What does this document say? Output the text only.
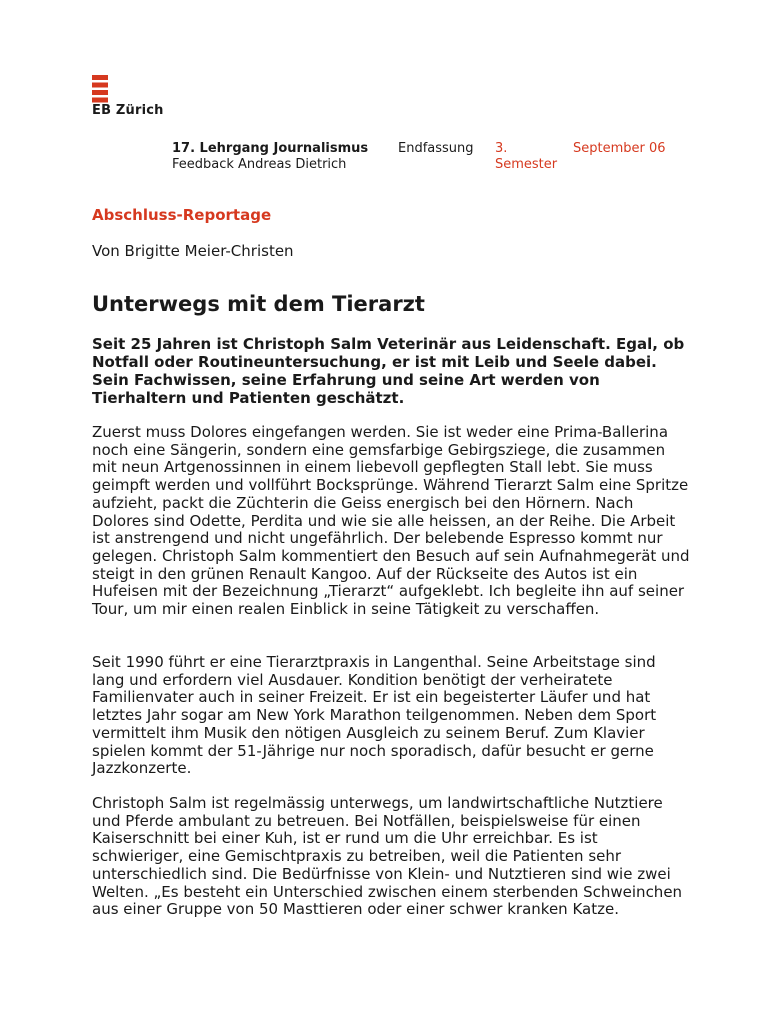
EB Zürich
17. Lehrgang Journalismus
Feedback Andreas Dietrich
Endfassung 3.
Semester
September 06
Abschluss-Reportage
Von Brigitte Meier-Christen
Unterwegs mit dem Tierarzt

Seit 25 Jahren ist Christoph Salm Veterinär aus Leidenschaft. Egal, ob Notfall oder Routineuntersuchung, er ist mit Leib und Seele dabei. Sein Fachwissen, seine Erfahrung und seine Art werden von Tierhaltern und Patienten geschätzt.

Zuerst muss Dolores eingefangen werden. Sie ist weder eine Prima-Ballerina noch eine Sängerin, sondern eine gemsfarbige Gebirgsziege, die zusammen mit neun Artgenossinnen in einem liebevoll gepflegten Stall lebt. Sie muss geimpft werden und vollführt Bocksprünge. Während Tierarzt Salm eine Spritze aufzieht, packt die Züchterin die Geiss energisch bei den Hörnern. Nach Dolores sind Odette, Perdita und wie sie alle heissen, an der Reihe. Die Arbeit ist anstrengend und nicht ungefährlich. Der belebende Espresso kommt nur gelegen. Christoph Salm kommentiert den Besuch auf sein Aufnahmegerät und steigt in den grünen Renault Kangoo. Auf der Rückseite des Autos ist ein Hufeisen mit der Bezeichnung „Tierarzt“ aufgeklebt. Ich begleite ihn auf seiner Tour, um mir einen realen Einblick in seine Tätigkeit zu verschaffen.

Seit 1990 führt er eine Tierarztpraxis in Langenthal. Seine Arbeitstage sind lang und erfordern viel Ausdauer. Kondition benötigt der verheiratete Familienvater auch in seiner Freizeit. Er ist ein begeisterter Läufer und hat letztes Jahr sogar am New York Marathon teilgenommen. Neben dem Sport vermittelt ihm Musik den nötigen Ausgleich zu seinem Beruf. Zum Klavier spielen kommt der 51-Jährige nur noch sporadisch, dafür besucht er gerne Jazzkonzerte.

Christoph Salm ist regelmässig unterwegs, um landwirtschaftliche Nutztiere und Pferde ambulant zu betreuen. Bei Notfällen, beispielsweise für einen Kaiserschnitt bei einer Kuh, ist er rund um die Uhr erreichbar. Es ist schwieriger, eine Gemischtpraxis zu betreiben, weil die Patienten sehr unterschiedlich sind. Die Bedürfnisse von Klein- und Nutztieren sind wie zwei Welten. „Es besteht ein Unterschied zwischen einem sterbenden Schweinchen aus einer Gruppe von 50 Masttieren oder einer schwer kranken Katze.
